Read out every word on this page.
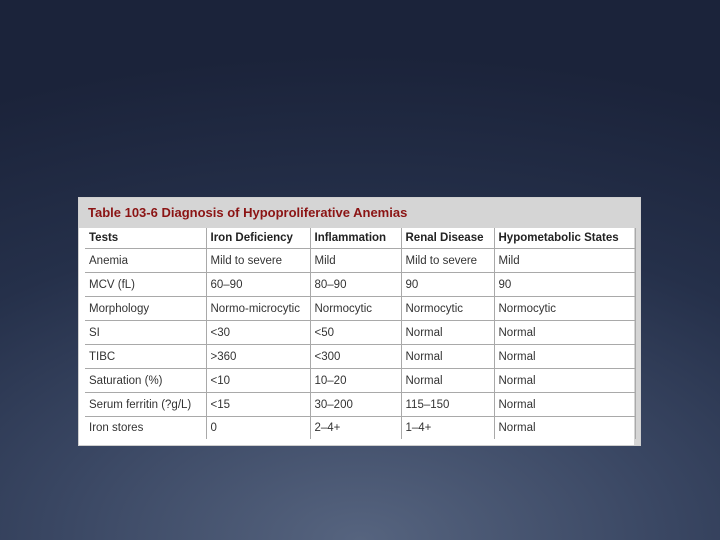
Table 103-6 Diagnosis of Hypoproliferative Anemias
Tests	Iron Deficiency	Inflammation	Renal Disease	Hypometabolic States
Anemia	Mild to severe	Mild	Mild to severe	Mild
MCV (fL)	60–90	80–90	90	90
Morphology	Normo-microcytic	Normocytic	Normocytic	Normocytic
SI	<30	<50	Normal	Normal
TIBC	>360	<300	Normal	Normal
Saturation (%)	<10	10–20	Normal	Normal
Serum ferritin (?g/L)	<15	30–200	115–150	Normal
Iron stores	0	2–4+	1–4+	Normal
